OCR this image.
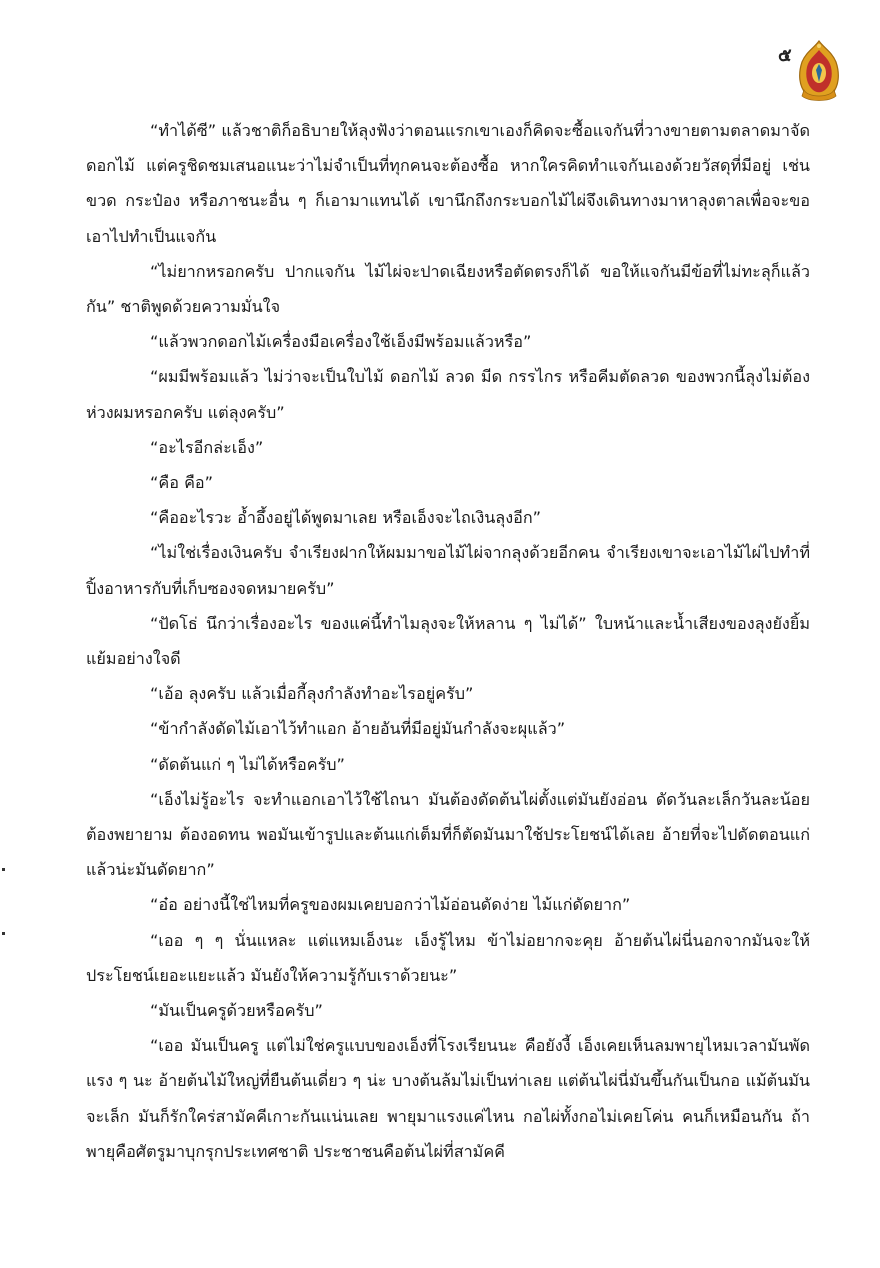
๕

“ทำได้ซี” แล้วชาติก็อธิบายให้ลุงฟังว่าตอนแรกเขาเองก็คิดจะซื้อแจกันที่วางขายตามตลาดมาจัดดอกไม้ แต่ครูชิดชมเสนอแนะว่าไม่จำเป็นที่ทุกคนจะต้องซื้อ หากใครคิดทำแจกันเองด้วยวัสดุที่มีอยู่ เช่น ขวด กระป๋อง หรือภาชนะอื่น ๆ ก็เอามาแทนได้ เขานึกถึงกระบอกไม้ไผ่จึงเดินทางมาหาลุงตาลเพื่อจะขอเอาไปทำเป็นแจกัน

“ไม่ยากหรอกครับ ปากแจกัน ไม้ไผ่จะปาดเฉียงหรือตัดตรงก็ได้ ขอให้แจกันมีข้อที่ไม่ทะลุก็แล้วกัน” ชาติพูดด้วยความมั่นใจ

“แล้วพวกดอกไม้เครื่องมือเครื่องใช้เอ็งมีพร้อมแล้วหรือ”

“ผมมีพร้อมแล้ว ไม่ว่าจะเป็นใบไม้ ดอกไม้ ลวด มีด กรรไกร หรือคีมตัดลวด ของพวกนี้ลุงไม่ต้องห่วงผมหรอกครับ แต่ลุงครับ”

“อะไรอีกล่ะเอ็ง”

“คือ คือ”

“คืออะไรวะ อ้ำอึ้งอยู่ได้พูดมาเลย หรือเอ็งจะไถเงินลุงอีก”

“ไม่ใช่เรื่องเงินครับ จำเรียงฝากให้ผมมาขอไม้ไผ่จากลุงด้วยอีกคน จำเรียงเขาจะเอาไม้ไผ่ไปทำที่ปิ้งอาหารกับที่เก็บซองจดหมายครับ”

“ปัดโธ่ นึกว่าเรื่องอะไร ของแค่นี้ทำไมลุงจะให้หลาน ๆ ไม่ได้” ใบหน้าและน้ำเสียงของลุงยังยิ้มแย้มอย่างใจดี

“เอ้อ ลุงครับ แล้วเมื่อกี้ลุงกำลังทำอะไรอยู่ครับ”

“ข้ากำลังดัดไม้เอาไว้ทำแอก อ้ายอันที่มีอยู่มันกำลังจะผุแล้ว”

“ดัดต้นแก่ ๆ ไม่ได้หรือครับ”

“เอ็งไม่รู้อะไร จะทำแอกเอาไว้ใช้ไถนา มันต้องดัดต้นไผ่ตั้งแต่มันยังอ่อน ดัดวันละเล็กวันละน้อย ต้องพยายาม ต้องอดทน พอมันเข้ารูปและต้นแก่เต็มที่ก็ตัดมันมาใช้ประโยชน์ได้เลย อ้ายที่จะไปดัดตอนแก่แล้วน่ะมันดัดยาก”

“อ๋อ อย่างนี้ใช่ไหมที่ครูของผมเคยบอกว่าไม้อ่อนดัดง่าย ไม้แก่ดัดยาก”

“เออ ๆ ๆ นั่นแหละ แต่แหมเอ็งนะ เอ็งรู้ไหม ข้าไม่อยากจะคุย อ้ายต้นไผ่นี่นอกจากมันจะให้ประโยชน์เยอะแยะแล้ว มันยังให้ความรู้กับเราด้วยนะ”

“มันเป็นครูด้วยหรือครับ”

“เออ มันเป็นครู แต่ไม่ใช่ครูแบบของเอ็งที่โรงเรียนนะ คือยังงี้ เอ็งเคยเห็นลมพายุไหมเวลามันพัดแรง ๆ นะ อ้ายต้นไม้ใหญ่ที่ยืนต้นเดี่ยว ๆ น่ะ บางต้นล้มไม่เป็นท่าเลย แต่ต้นไผ่นี่มันขึ้นกันเป็นกอ แม้ต้นมันจะเล็ก มันก็รักใคร่สามัคคีเกาะกันแน่นเลย พายุมาแรงแค่ไหน กอไผ่ทั้งกอไม่เคยโค่น คนก็เหมือนกัน ถ้าพายุคือศัตรูมาบุกรุกประเทศชาติ ประชาชนคือต้นไผ่ที่สามัคคี
